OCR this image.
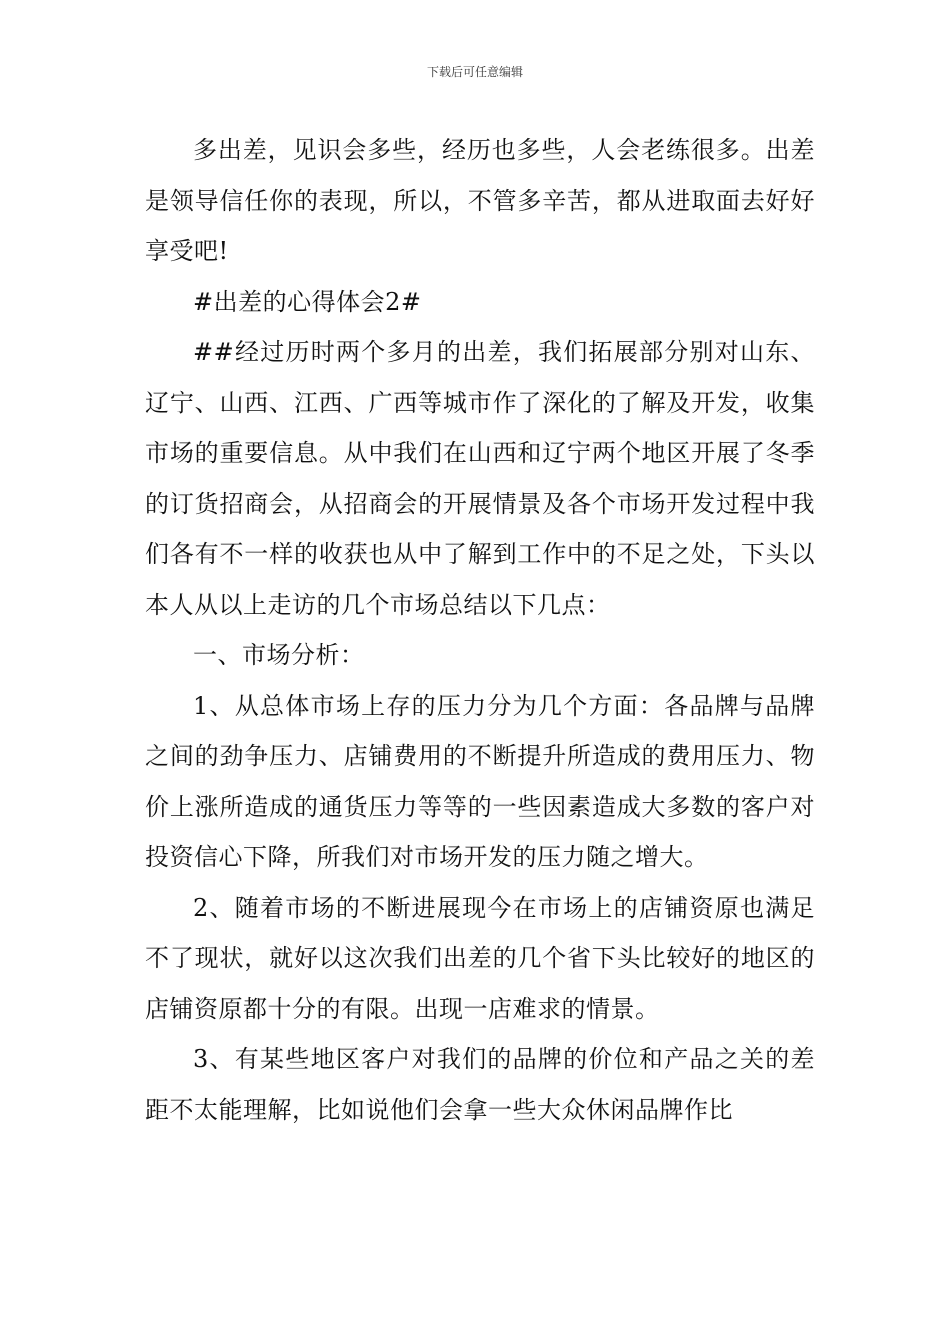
下载后可任意编辑

多出差，见识会多些，经历也多些，人会老练很多。出差是领导信任你的表现，所以，不管多辛苦，都从进取面去好好享受吧!

#出差的心得体会2#

##经过历时两个多月的出差，我们拓展部分别对山东、辽宁、山西、江西、广西等城市作了深化的了解及开发，收集市场的重要信息。从中我们在山西和辽宁两个地区开展了冬季的订货招商会，从招商会的开展情景及各个市场开发过程中我们各有不一样的收获也从中了解到工作中的不足之处，下头以本人从以上走访的几个市场总结以下几点：

一、市场分析：

1、从总体市场上存的压力分为几个方面：各品牌与品牌之间的劲争压力、店铺费用的不断提升所造成的费用压力、物价上涨所造成的通货压力等等的一些因素造成大多数的客户对投资信心下降，所我们对市场开发的压力随之增大。

2、随着市场的不断进展现今在市场上的店铺资原也满足不了现状，就好以这次我们出差的几个省下头比较好的地区的店铺资原都十分的有限。出现一店难求的情景。

3、有某些地区客户对我们的品牌的价位和产品之关的差距不太能理解，比如说他们会拿一些大众休闲品牌作比
